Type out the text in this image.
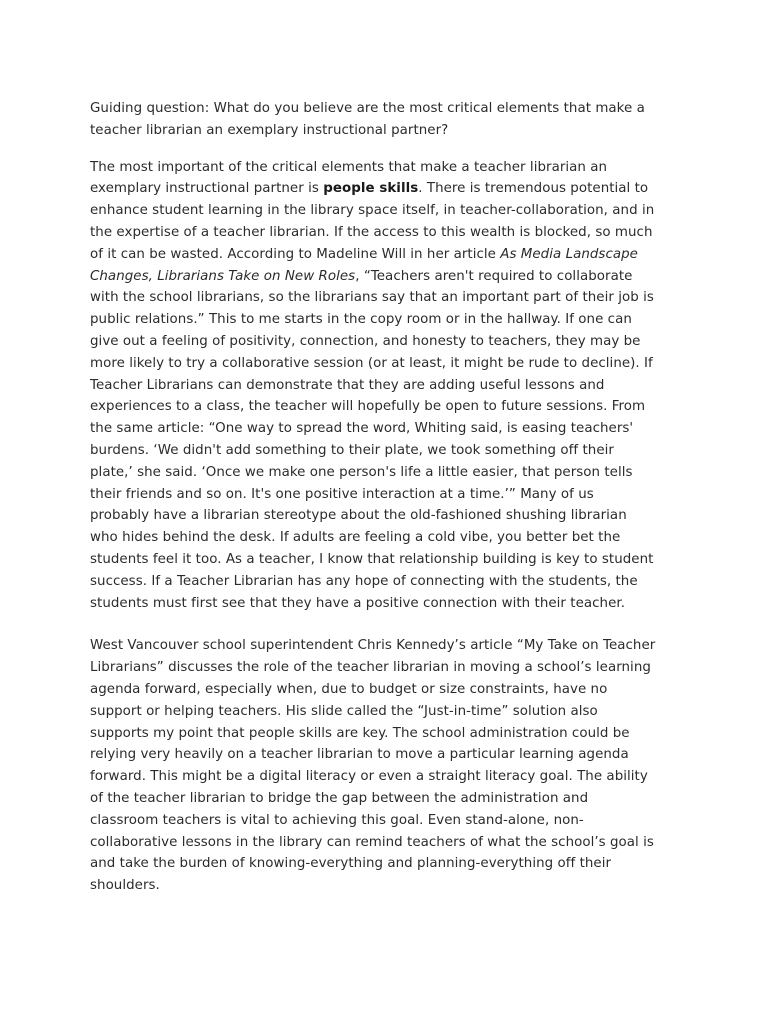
Guiding question: What do you believe are the most critical elements that make a teacher librarian an exemplary instructional partner?

The most important of the critical elements that make a teacher librarian an exemplary instructional partner is people skills. There is tremendous potential to enhance student learning in the library space itself, in teacher-collaboration, and in the expertise of a teacher librarian. If the access to this wealth is blocked, so much of it can be wasted. According to Madeline Will in her article As Media Landscape Changes, Librarians Take on New Roles, “Teachers aren't required to collaborate with the school librarians, so the librarians say that an important part of their job is public relations.” This to me starts in the copy room or in the hallway. If one can give out a feeling of positivity, connection, and honesty to teachers, they may be more likely to try a collaborative session (or at least, it might be rude to decline). If Teacher Librarians can demonstrate that they are adding useful lessons and experiences to a class, the teacher will hopefully be open to future sessions. From the same article: “One way to spread the word, Whiting said, is easing teachers' burdens. ‘We didn't add something to their plate, we took something off their plate,’ she said. ‘Once we make one person's life a little easier, that person tells their friends and so on. It's one positive interaction at a time.’” Many of us probably have a librarian stereotype about the old-fashioned shushing librarian who hides behind the desk. If adults are feeling a cold vibe, you better bet the students feel it too. As a teacher, I know that relationship building is key to student success. If a Teacher Librarian has any hope of connecting with the students, the students must first see that they have a positive connection with their teacher.

West Vancouver school superintendent Chris Kennedy’s article “My Take on Teacher Librarians” discusses the role of the teacher librarian in moving a school’s learning agenda forward, especially when, due to budget or size constraints, have no support or helping teachers. His slide called the “Just-in-time” solution also supports my point that people skills are key. The school administration could be relying very heavily on a teacher librarian to move a particular learning agenda forward. This might be a digital literacy or even a straight literacy goal. The ability of the teacher librarian to bridge the gap between the administration and classroom teachers is vital to achieving this goal. Even stand-alone, non-collaborative lessons in the library can remind teachers of what the school’s goal is and take the burden of knowing-everything and planning-everything off their shoulders.
